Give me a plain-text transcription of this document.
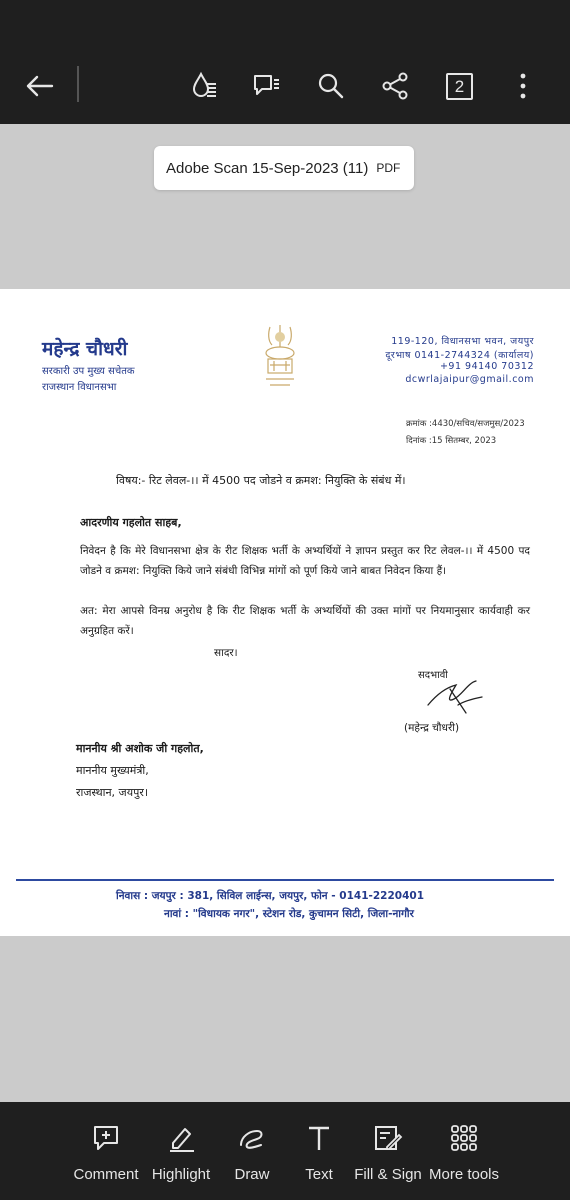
2
Adobe Scan 15-Sep-2023 (11) PDF
महेन्द्र चौधरी
सरकारी उप मुख्य सचेतक
राजस्थान विधानसभा
119-120, विधानसभा भवन, जयपुर
दूरभाष 0141-2744324 (कार्यालय)
+91 94140 70312
dcwrlajaipur@gmail.com
क्रमांक :4430/सचिव/सजमुस/2023
दिनांक :15 सितम्बर, 2023
विषय:- रिट लेवल-।। में 4500 पद जोडने व क्रमश: नियुक्ति के संबंध में।
आदरणीय गहलोत साहब,
निवेदन है कि मेरे विधानसभा क्षेत्र के रीट शिक्षक भर्ती के अभ्यर्थियों ने ज्ञापन प्रस्तुत कर रिट लेवल-।। में 4500 पद जोडने व क्रमश: नियुक्ति किये जाने संबंधी विभिन्न मांगों को पूर्ण किये जाने बाबत निवेदन किया हैं।
अत: मेरा आपसे विनम्र अनुरोध है कि रीट शिक्षक भर्ती के अभ्यर्थियों की उक्त मांगों पर नियमानुसार कार्यवाही कर अनुग्रहित करें।
सादर।
सदभावी
(महेन्द्र चौधरी)
माननीय श्री अशोक जी गहलोत,
माननीय मुख्यमंत्री,
राजस्थान, जयपुर।
निवास : जयपुर : 381, सिविल लाईन्स, जयपुर, फोन - 0141-2220401
नावां : "विधायक नगर", स्टेशन रोड, कुचामन सिटी, जिला-नागौर
Comment Highlight Draw Text Fill & Sign More tools
